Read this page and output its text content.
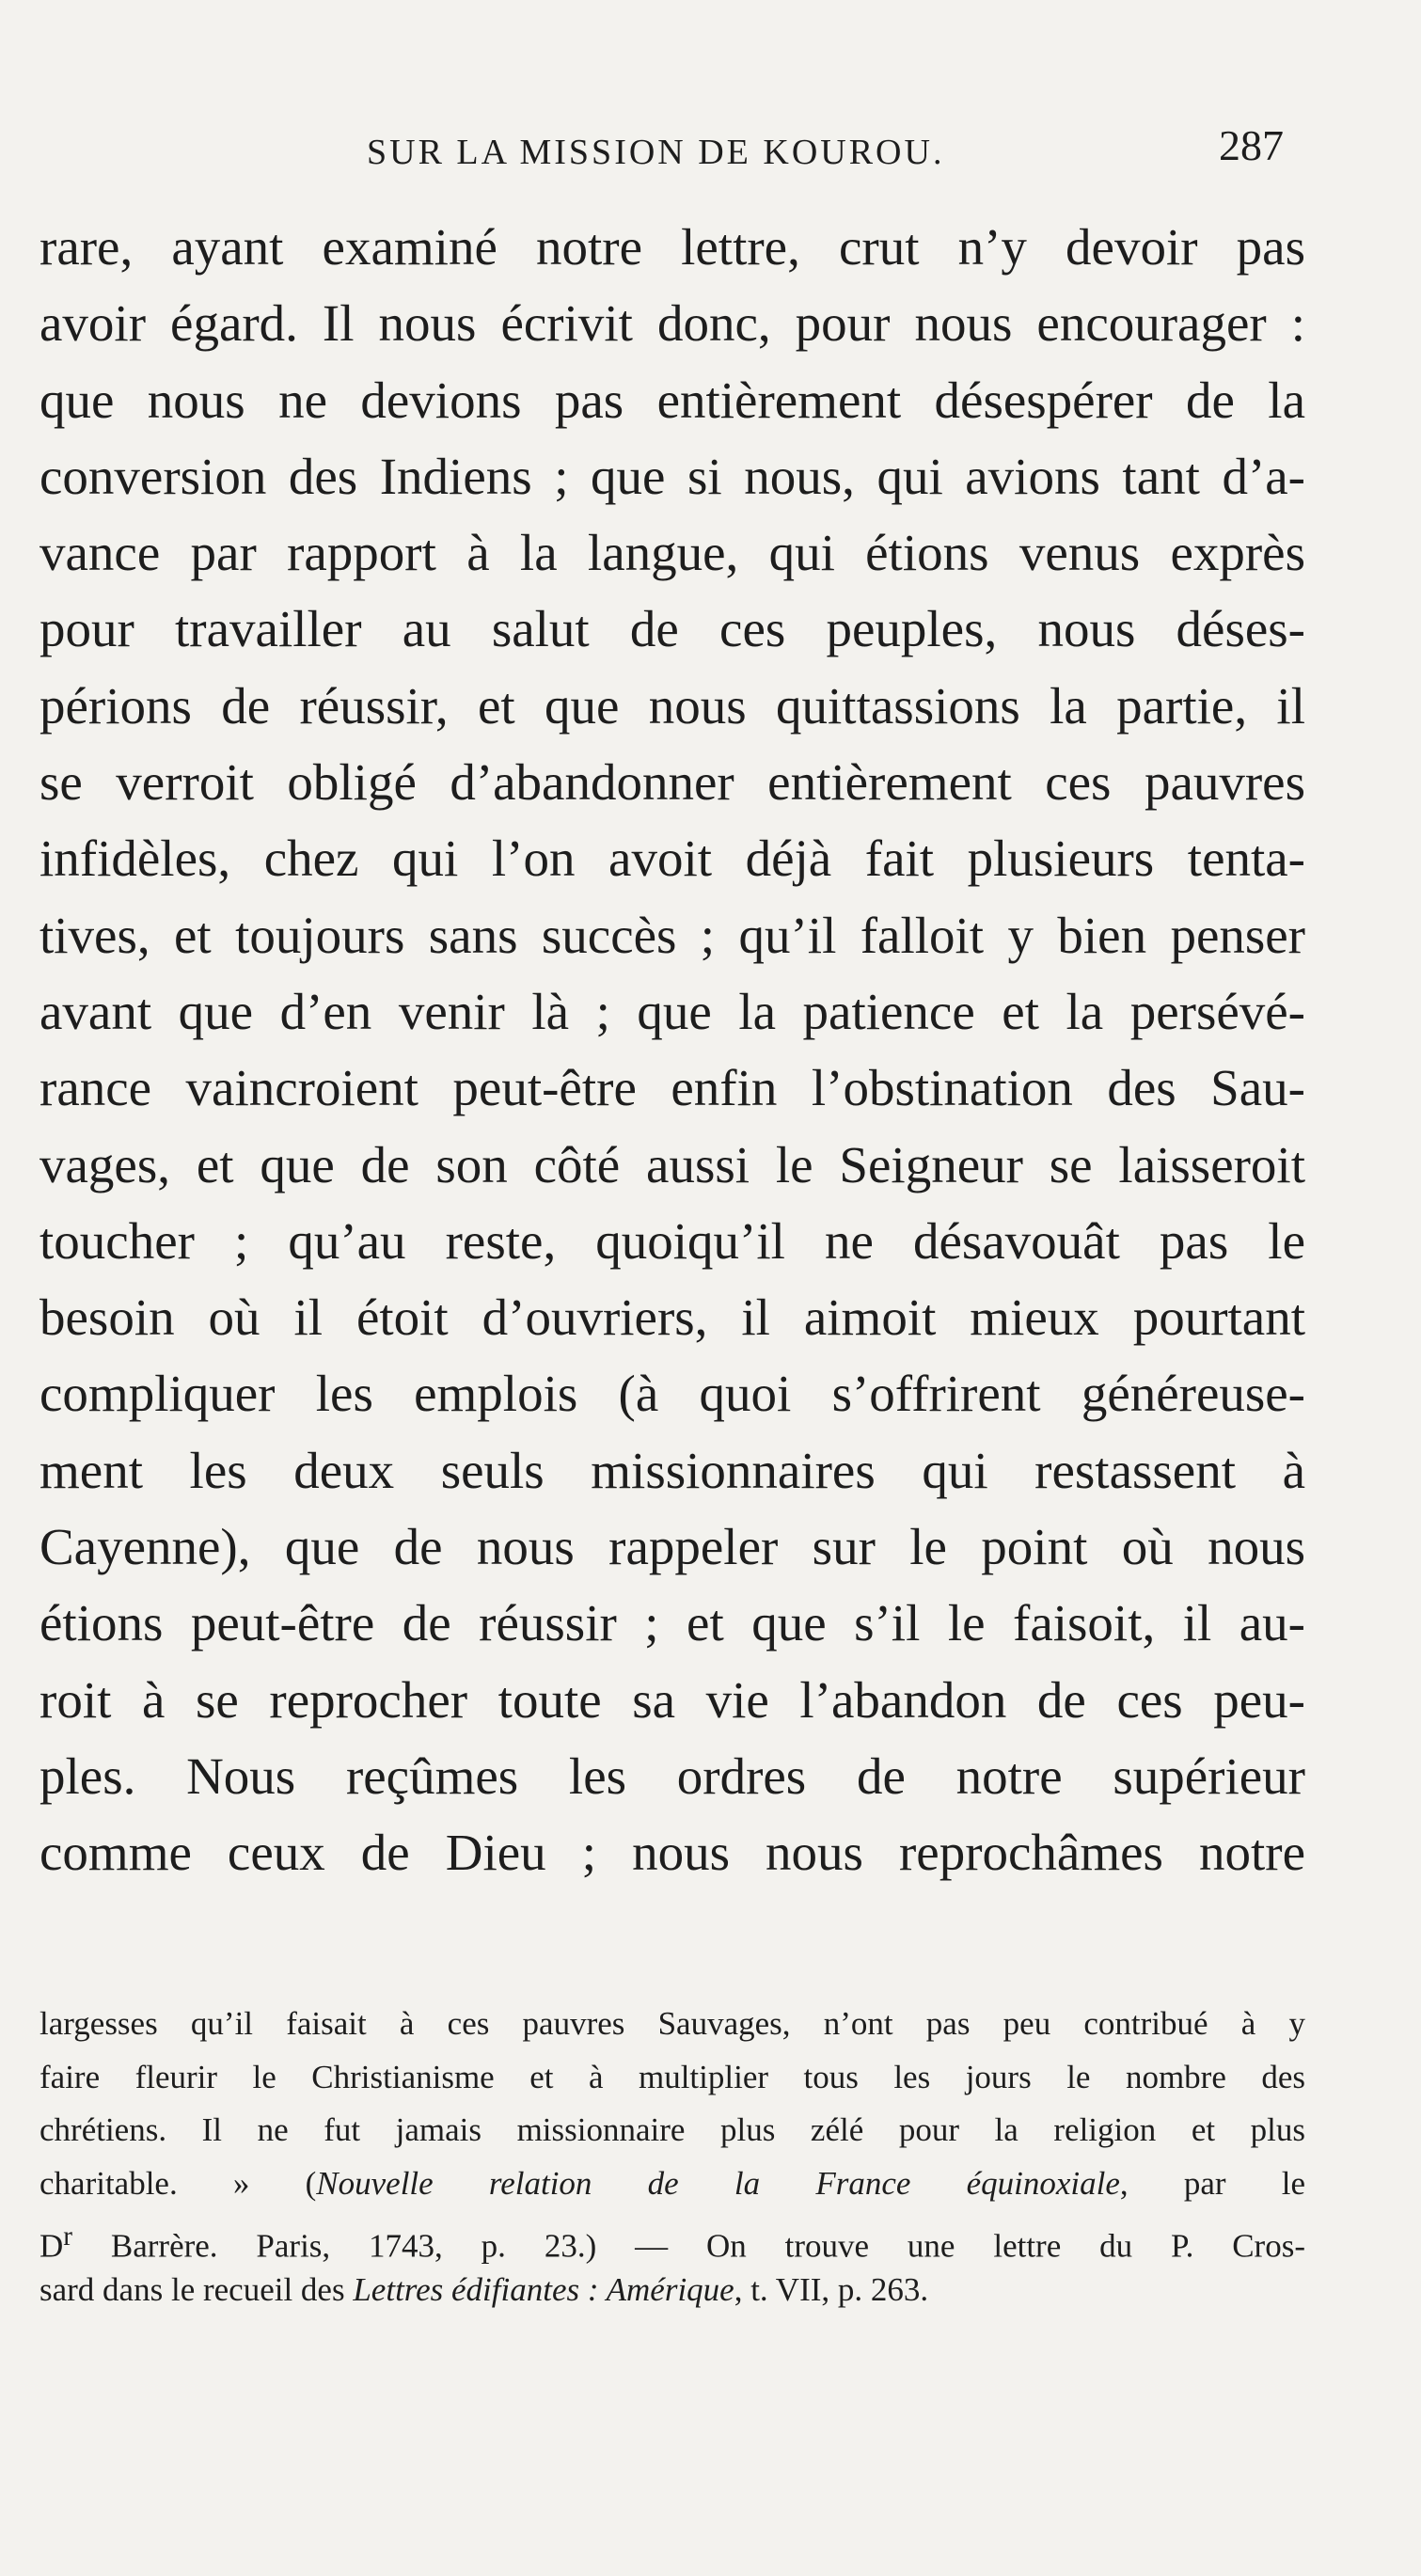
SUR LA MISSION DE KOUROU.	287
rare, ayant examiné notre lettre, crut n’y devoir pas
avoir égard. Il nous écrivit donc, pour nous encourager :
que nous ne devions pas entièrement désespérer de la
conversion des Indiens ; que si nous, qui avions tant d’a-
vance par rapport à la langue, qui étions venus exprès
pour travailler au salut de ces peuples, nous déses-
périons de réussir, et que nous quittassions la partie, il
se verroit obligé d’abandonner entièrement ces pauvres
infidèles, chez qui l’on avoit déjà fait plusieurs tenta-
tives, et toujours sans succès ; qu’il falloit y bien penser
avant que d’en venir là ; que la patience et la persévé-
rance vaincroient peut-être enfin l’obstination des Sau-
vages, et que de son côté aussi le Seigneur se laisseroit
toucher ; qu’au reste, quoiqu’il ne désavouât pas le
besoin où il étoit d’ouvriers, il aimoit mieux pourtant
compliquer les emplois (à quoi s’offrirent généreuse-
ment les deux seuls missionnaires qui restassent à
Cayenne), que de nous rappeler sur le point où nous
étions peut-être de réussir ; et que s’il le faisoit, il au-
roit à se reprocher toute sa vie l’abandon de ces peu-
ples. Nous reçûmes les ordres de notre supérieur
comme ceux de Dieu ; nous nous reprochâmes notre
largesses qu’il faisait à ces pauvres Sauvages, n’ont pas peu contribué à y
faire fleurir le Christianisme et à multiplier tous les jours le nombre des
chrétiens. Il ne fut jamais missionnaire plus zélé pour la religion et plus
charitable. » (Nouvelle relation de la France équinoxiale, par le
$D^r$ Barrère. Paris, 1743, p. 23.) — On trouve une lettre du P. Cros-
sard dans le recueil des Lettres édifiantes : Amérique, t. VII, p. 263.
